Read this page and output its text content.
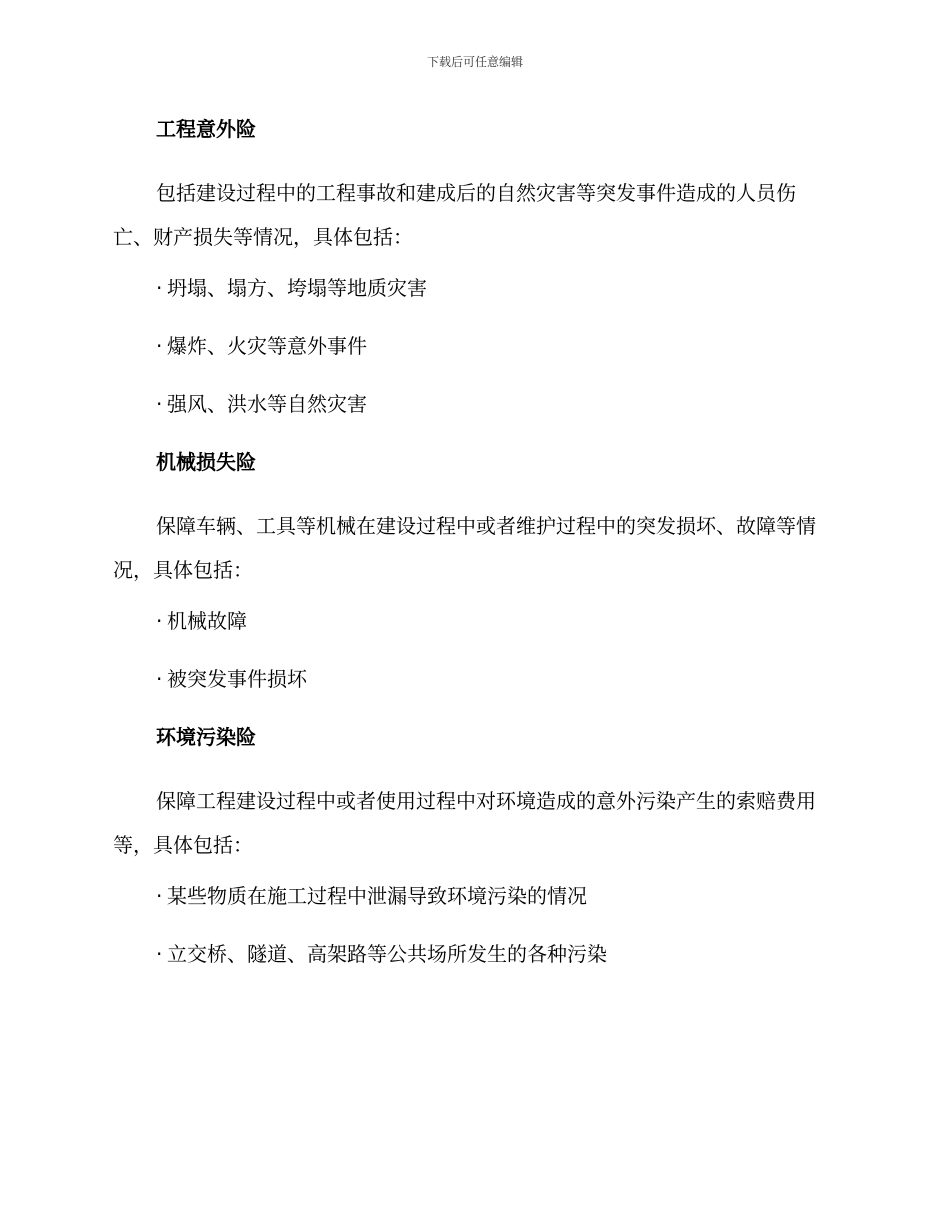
下载后可任意编辑
工程意外险
包括建设过程中的工程事故和建成后的自然灾害等突发事件造成的人员伤亡、财产损失等情况，具体包括：
· 坍塌、塌方、垮塌等地质灾害
· 爆炸、火灾等意外事件
· 强风、洪水等自然灾害
机械损失险
保障车辆、工具等机械在建设过程中或者维护过程中的突发损坏、故障等情况，具体包括：
· 机械故障
· 被突发事件损坏
环境污染险
保障工程建设过程中或者使用过程中对环境造成的意外污染产生的索赔费用等，具体包括：
· 某些物质在施工过程中泄漏导致环境污染的情况
· 立交桥、隧道、高架路等公共场所发生的各种污染
